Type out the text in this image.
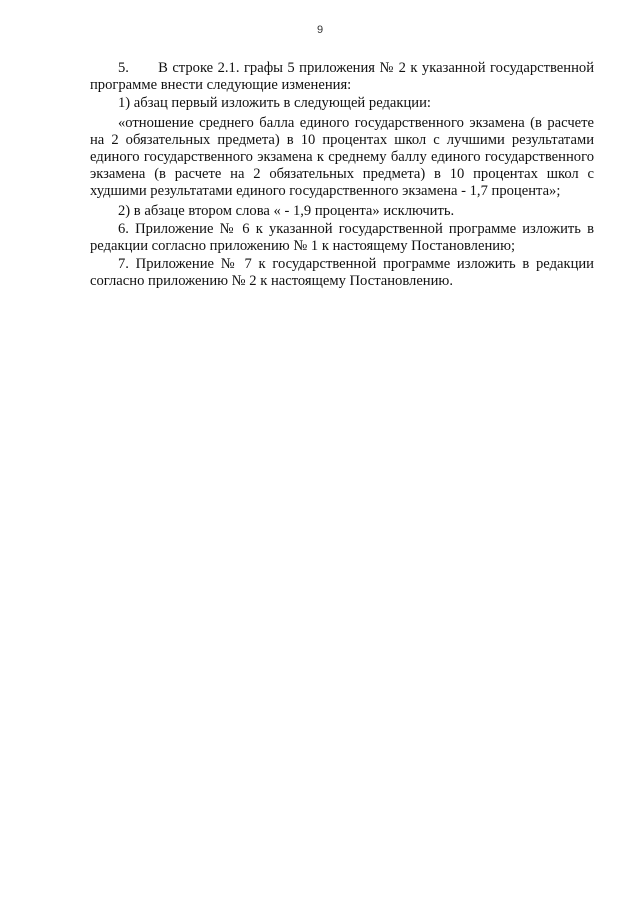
9

5.  В строке 2.1. графы 5 приложения № 2 к указанной государственной программе внести следующие изменения:

1) абзац первый изложить в следующей редакции:

«отношение среднего балла единого государственного экзамена (в расчете на 2 обязательных предмета) в 10 процентах школ с лучшими результатами единого государственного экзамена к среднему баллу единого государственного экзамена (в расчете на 2 обязательных предмета) в 10 процентах школ с худшими результатами единого государственного экзамена - 1,7 процента»;

2) в абзаце втором слова « - 1,9 процента» исключить.

6. Приложение № 6 к указанной государственной программе изложить в редакции согласно приложению № 1 к настоящему Постановлению;

7. Приложение № 7 к государственной программе изложить в редакции согласно приложению № 2 к настоящему Постановлению.
